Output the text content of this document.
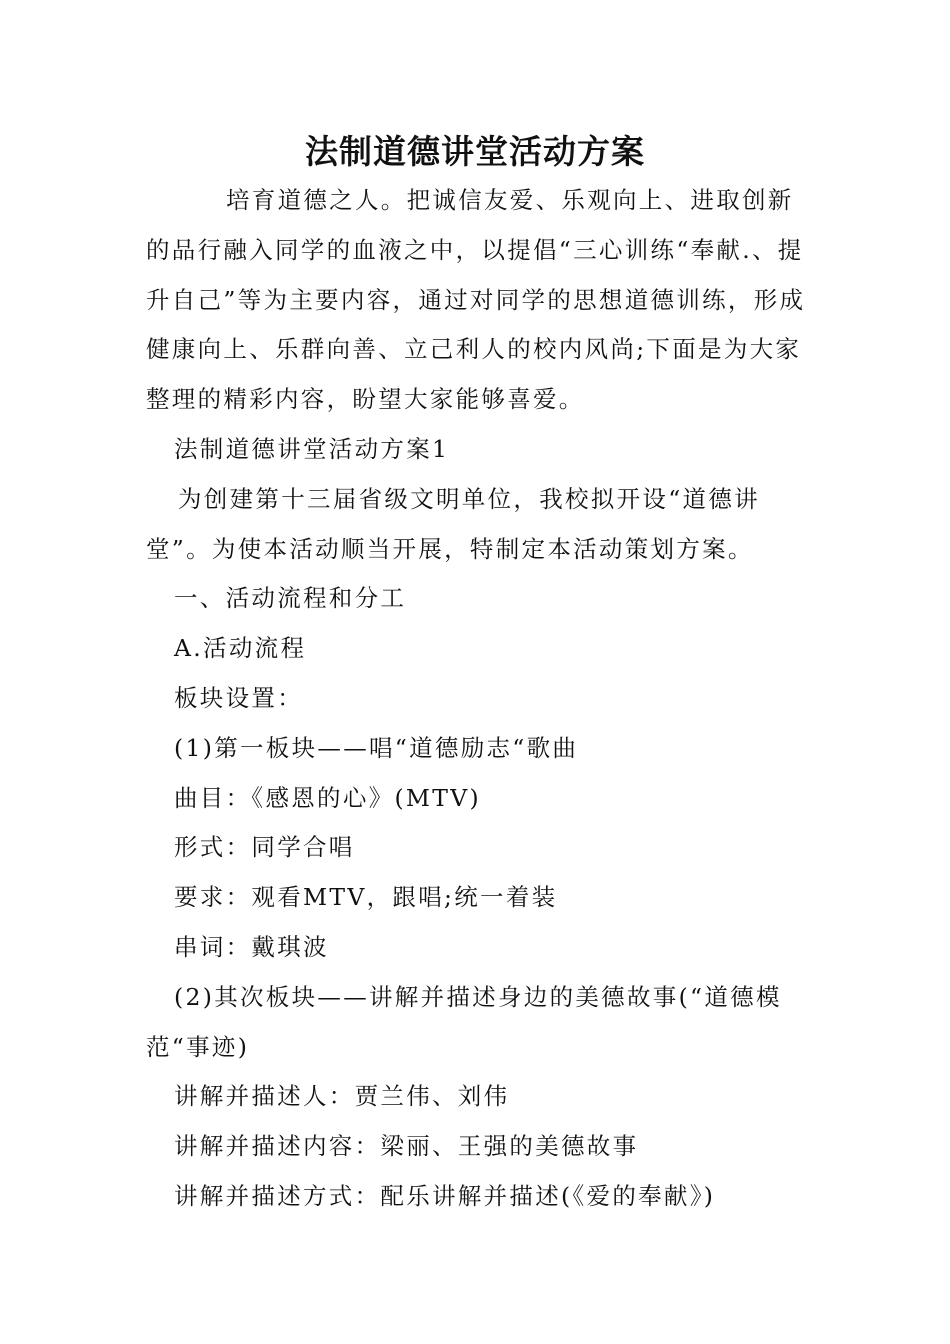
法制道德讲堂活动方案

培育道德之人。把诚信友爱、乐观向上、进取创新的品行融入同学的血液之中，以提倡“三心训练“奉献.、提升自己”等为主要内容，通过对同学的思想道德训练，形成健康向上、乐群向善、立己利人的校内风尚;下面是为大家整理的精彩内容，盼望大家能够喜爱。

法制道德讲堂活动方案1

为创建第十三届省级文明单位，我校拟开设“道德讲堂”。为使本活动顺当开展，特制定本活动策划方案。

一、活动流程和分工

A.活动流程

板块设置：

(1)第一板块——唱“道德励志“歌曲

曲目：《感恩的心》(MTV)

形式：同学合唱

要求：观看MTV，跟唱;统一着装

串词：戴琪波

(2)其次板块——讲解并描述身边的美德故事(“道德模范“事迹)

讲解并描述人：贾兰伟、刘伟

讲解并描述内容：梁丽、王强的美德故事

讲解并描述方式：配乐讲解并描述(《爱的奉献》)
